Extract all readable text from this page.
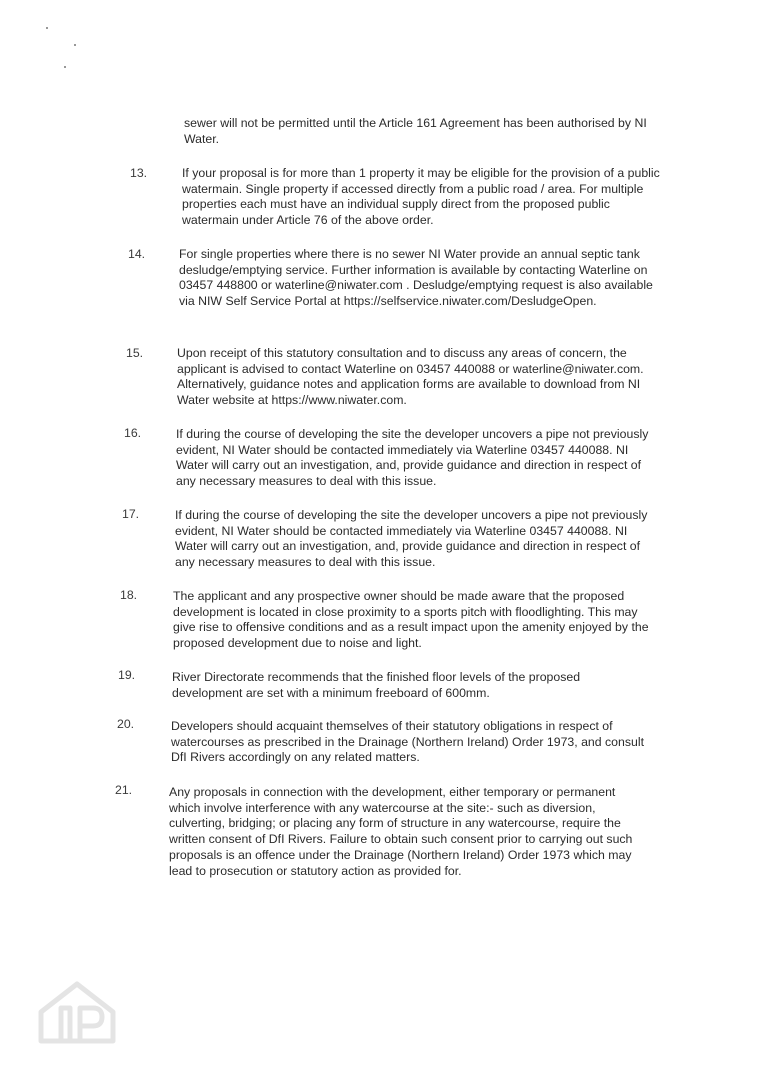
sewer will not be permitted until the Article 161 Agreement has been authorised by NI Water.
13.	If your proposal is for more than 1 property it may be eligible for the provision of a public watermain. Single property if accessed directly from a public road / area. For multiple properties each must have an individual supply direct from the proposed public watermain under Article 76 of the above order.
14.	For single properties where there is no sewer NI Water provide an annual septic tank desludge/emptying service. Further information is available by contacting Waterline on 03457 448800 or waterline@niwater.com . Desludge/emptying request is also available via NIW Self Service Portal at https://selfservice.niwater.com/DesludgeOpen.
15.	Upon receipt of this statutory consultation and to discuss any areas of concern, the applicant is advised to contact Waterline on 03457 440088 or waterline@niwater.com. Alternatively, guidance notes and application forms are available to download from NI Water website at https://www.niwater.com.
16.	If during the course of developing the site the developer uncovers a pipe not previously evident, NI Water should be contacted immediately via Waterline 03457 440088. NI Water will carry out an investigation, and, provide guidance and direction in respect of any necessary measures to deal with this issue.
17.	If during the course of developing the site the developer uncovers a pipe not previously evident, NI Water should be contacted immediately via Waterline 03457 440088. NI Water will carry out an investigation, and, provide guidance and direction in respect of any necessary measures to deal with this issue.
18.	The applicant and any prospective owner should be made aware that the proposed development is located in close proximity to a sports pitch with floodlighting. This may give rise to offensive conditions and as a result impact upon the amenity enjoyed by the proposed development due to noise and light.
19.	River Directorate recommends that the finished floor levels of the proposed development are set with a minimum freeboard of 600mm.
20.	Developers should acquaint themselves of their statutory obligations in respect of watercourses as prescribed in the Drainage (Northern Ireland) Order 1973, and consult DfI Rivers accordingly on any related matters.
21.	Any proposals in connection with the development, either temporary or permanent which involve interference with any watercourse at the site:- such as diversion, culverting, bridging; or placing any form of structure in any watercourse, require the written consent of DfI Rivers. Failure to obtain such consent prior to carrying out such proposals is an offence under the Drainage (Northern Ireland) Order 1973 which may lead to prosecution or statutory action as provided for.
